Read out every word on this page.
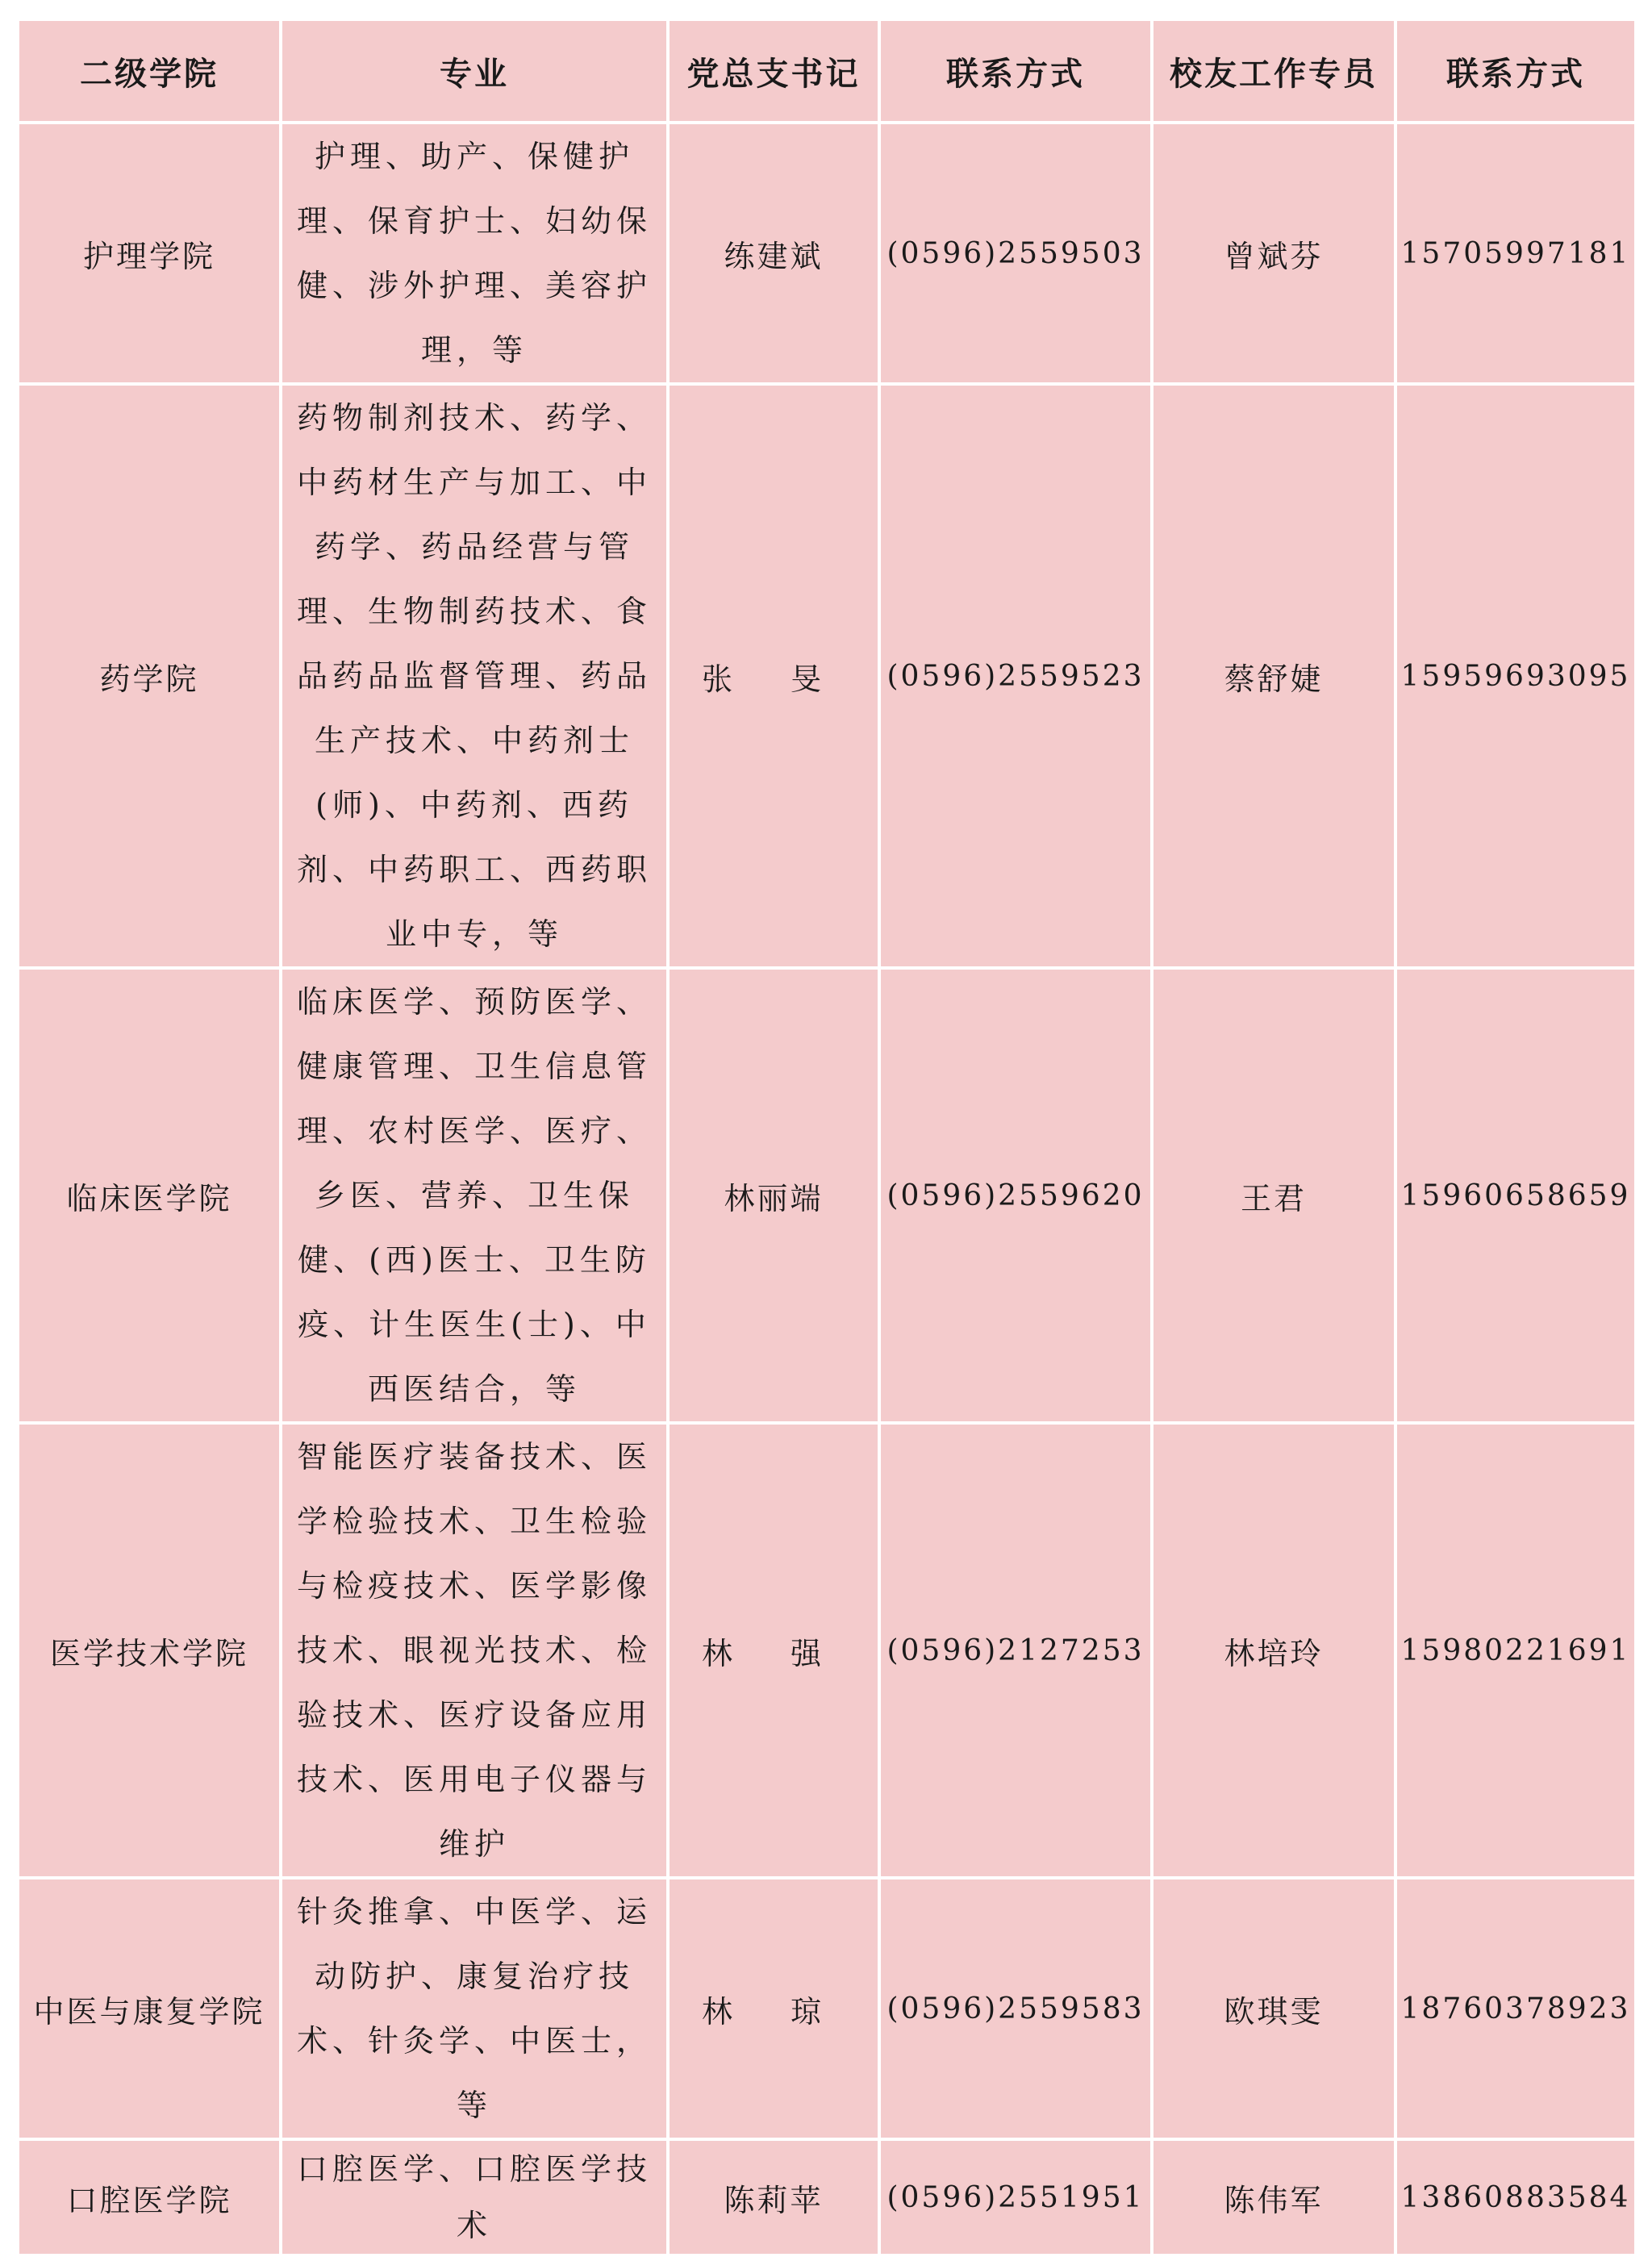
二级学院	专业	党总支书记	联系方式	校友工作专员	联系方式
护理学院	护理、助产、保健护理、保育护士、妇幼保健、涉外护理、美容护理，等	练建斌	(0596)2559503	曾斌芬	15705997181
药学院	药物制剂技术、药学、中药材生产与加工、中药学、药品经营与管理、生物制药技术、食品药品监督管理、药品生产技术、中药剂士(师)、中药剂、西药剂、中药职工、西药职业中专，等	张 旻	(0596)2559523	蔡舒婕	15959693095
临床医学院	临床医学、预防医学、健康管理、卫生信息管理、农村医学、医疗、乡医、营养、卫生保健、(西)医士、卫生防疫、计生医生(士)、中西医结合，等	林丽端	(0596)2559620	王君	15960658659
医学技术学院	智能医疗装备技术、医学检验技术、卫生检验与检疫技术、医学影像技术、眼视光技术、检验技术、医疗设备应用技术、医用电子仪器与维护	林 强	(0596)2127253	林培玲	15980221691
中医与康复学院	针灸推拿、中医学、运动防护、康复治疗技术、针灸学、中医士，等	林 琼	(0596)2559583	欧琪雯	18760378923
口腔医学院	口腔医学、口腔医学技术	陈莉苹	(0596)2551951	陈伟军	13860883584
